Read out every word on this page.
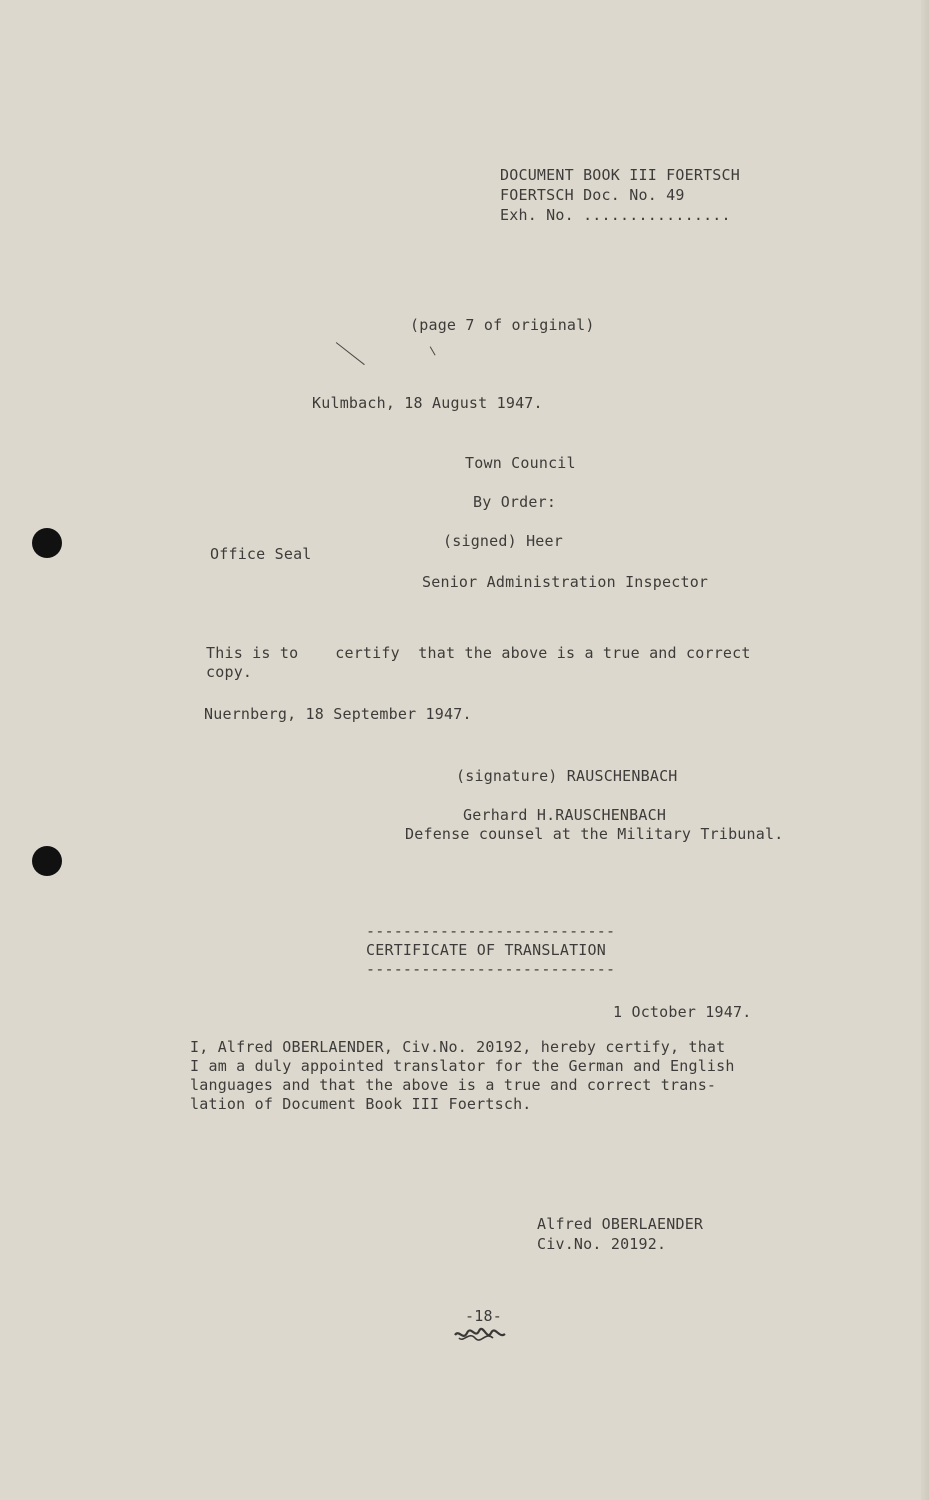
DOCUMENT BOOK III FOERTSCH
FOERTSCH Doc. No. 49
Exh. No. ................
(page 7 of original)
Kulmbach, 18 August 1947.
Town Council
By Order:
(signed) Heer
Office Seal
Senior Administration Inspector
This is to    certify  that the above is a true and correct
copy.
Nuernberg, 18 September 1947.
(signature) RAUSCHENBACH
Gerhard H.RAUSCHENBACH
Defense counsel at the Military Tribunal.
---------------------------
CERTIFICATE OF TRANSLATION
---------------------------
1 October 1947.
I, Alfred OBERLAENDER, Civ.No. 20192, hereby certify, that
I am a duly appointed translator for the German and English
languages and that the above is a true and correct trans-
lation of Document Book III Foertsch.
Alfred OBERLAENDER
Civ.No. 20192.
-18-
